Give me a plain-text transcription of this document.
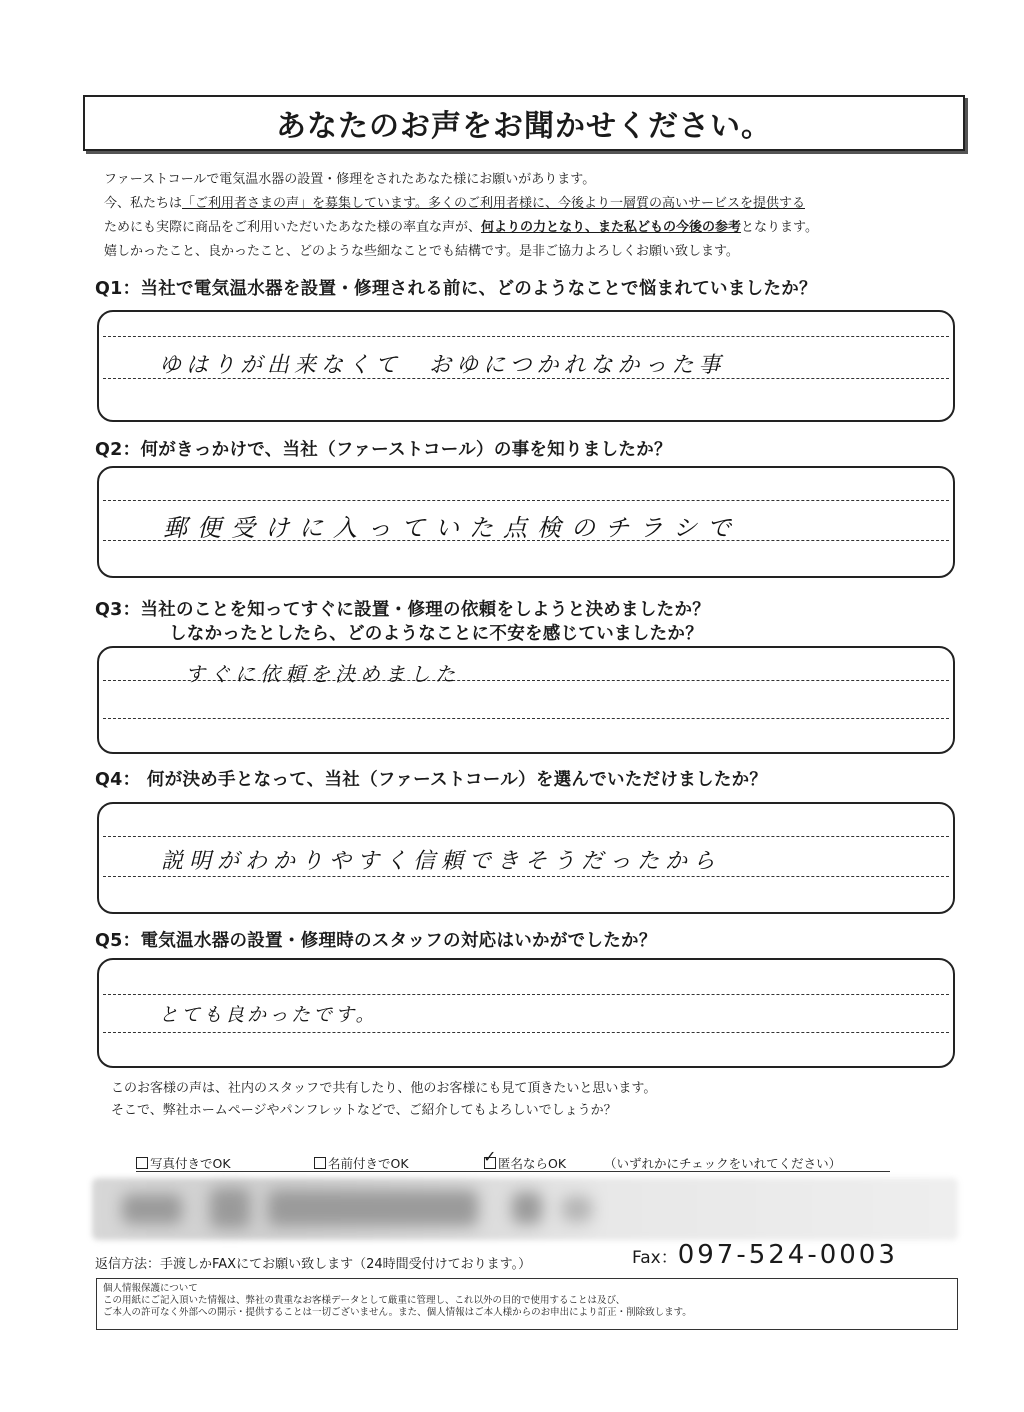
あなたのお声をお聞かせください。

ファーストコールで電気温水器の設置・修理をされたあなた様にお願いがあります。

今、私たちは「ご利用者さまの声」を募集しています。多くのご利用者様に、今後より一層質の高いサービスを提供する

ためにも実際に商品をご利用いただいたあなた様の率直な声が、何よりの力となり、また私どもの今後の参考となります。

嬉しかったこと、良かったこと、どのような些細なことでも結構です。是非ご協力よろしくお願い致します。

Q1：当社で電気温水器を設置・修理される前に、どのようなことで悩まれていましたか？
ゆはりが出来なくて　おゆにつかれなかった事
Q2：何がきっかけで、当社（ファーストコール）の事を知りましたか？
郵便受けに入っていた点検のチラシで
Q3：当社のことを知ってすぐに設置・修理の依頼をしようと決めましたか？
しなかったとしたら、どのようなことに不安を感じていましたか？
すぐに依頼を決めました
Q4： 何が決め手となって、当社（ファーストコール）を選んでいただけましたか？
説明がわかりやすく信頼できそうだったから
Q5：電気温水器の設置・修理時のスタッフの対応はいかがでしたか？
とても良かったです。

このお客様の声は、社内のスタッフで共有したり、他のお客様にも見て頂きたいと思います。

そこで、弊社ホームページやパンフレットなどで、ご紹介してもよろしいでしょうか？

写真付きでOK	名前付きでOK	✓ 匿名ならOK	（いずれかにチェックをいれてください）
返信方法：手渡しかFAXにてお願い致します（24時間受付けております。）	Fax：097-524-0003

個人情報保護について

この用紙にご記入頂いた情報は、弊社の貴重なお客様データとして厳重に管理し、これ以外の目的で使用することは及び、

ご本人の許可なく外部への開示・提供することは一切ございません。また、個人情報はご本人様からのお申出により訂正・削除致します。
